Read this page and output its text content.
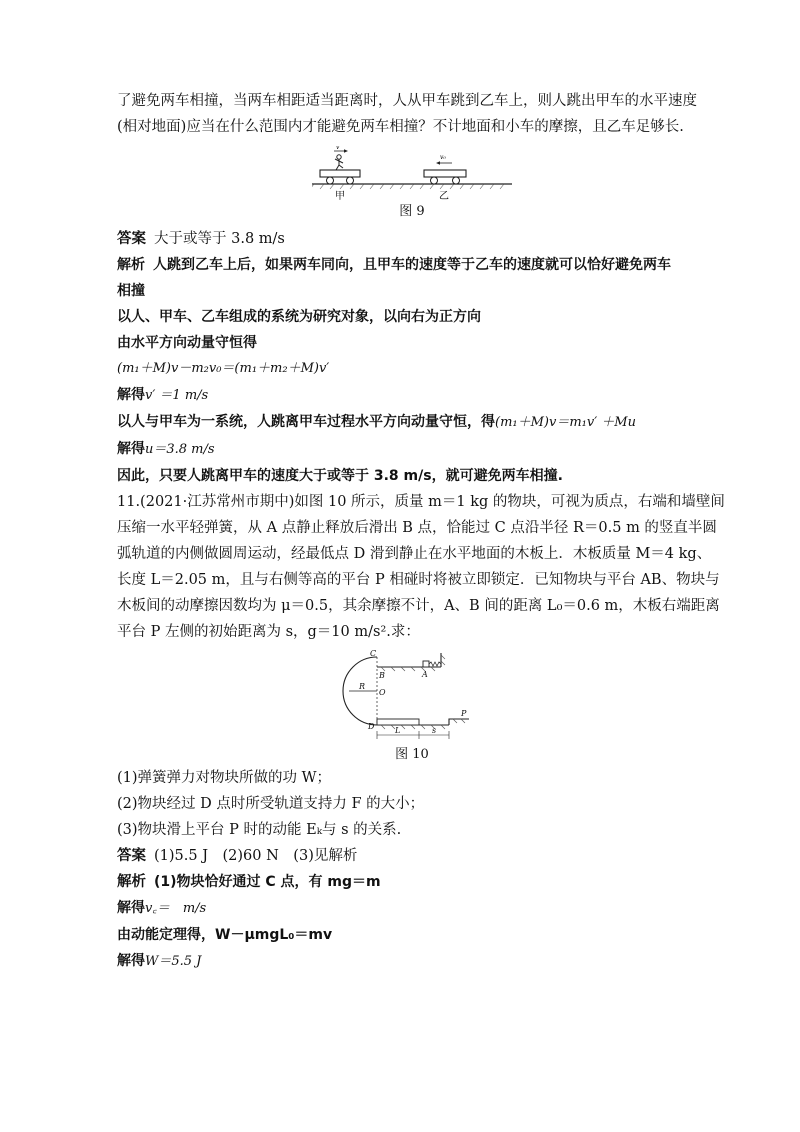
了避免两车相撞，当两车相距适当距离时，人从甲车跳到乙车上，则人跳出甲车的水平速度
(相对地面)应当在什么范围内才能避免两车相撞？不计地面和小车的摩擦，且乙车足够长.
v
v₀
甲	乙
图 9
答案 大于或等于 3.8 m/s
解析 人跳到乙车上后，如果两车同向，且甲车的速度等于乙车的速度就可以恰好避免两车
相撞
以人、甲车、乙车组成的系统为研究对象，以向右为正方向
由水平方向动量守恒得
(m₁＋M)v－m₂v₀＝(m₁＋m₂＋M)v′
解得v′ ＝1 m/s
以人与甲车为一系统，人跳离甲车过程水平方向动量守恒，得(m₁＋M)v＝m₁v′ ＋Mu
解得u＝3.8 m/s
因此，只要人跳离甲车的速度大于或等于 3.8 m/s，就可避免两车相撞.
11.(2021·江苏常州市期中)如图 10 所示，质量 m＝1 kg 的物块，可视为质点，右端和墙壁间
压缩一水平轻弹簧，从 A 点静止释放后滑出 B 点，恰能过 C 点沿半径 R＝0.5 m 的竖直半圆
弧轨道的内侧做圆周运动，经最低点 D 滑到静止在水平地面的木板上．木板质量 M＝4 kg、
长度 L＝2.05 m，且与右侧等高的平台 P 相碰时将被立即锁定．已知物块与平台 AB、物块与
木板间的动摩擦因数均为 μ＝0.5，其余摩擦不计，A、B 间的距离 L₀＝0.6 m，木板右端距离
平台 P 左侧的初始距离为 s，g＝10 m/s².求：
C
B	A
R
O
D
P
L	s
图 10
(1)弹簧弹力对物块所做的功 W；
(2)物块经过 D 点时所受轨道支持力 F 的大小；
(3)物块滑上平台 P 时的动能 Eₖ与 s 的关系.
答案 (1)5.5 J　(2)60 N　(3)见解析
解析 (1)物块恰好通过 C 点，有 mg＝m
解得v꜀＝　m/s
由动能定理得，W－μmgL₀＝mv
解得W＝5.5 J
